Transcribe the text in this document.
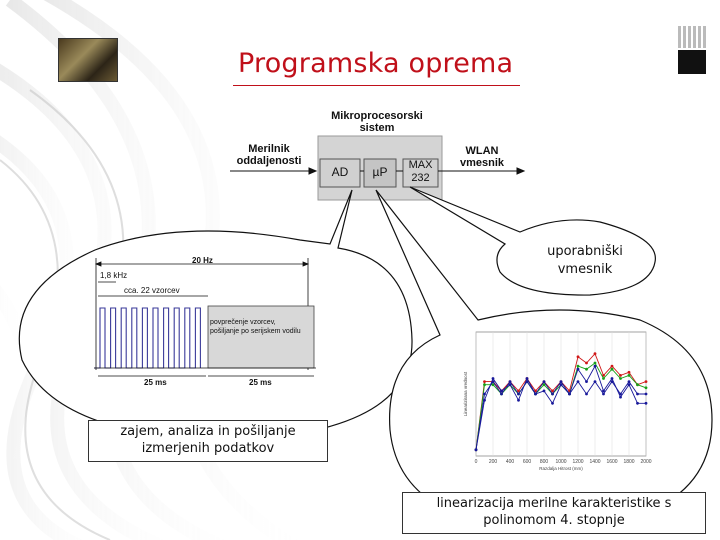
Programska oprema
Mikroprocesorski
sistem
Merilnik
oddaljenosti
WLAN
vmesnik
AD	µP	MAX
232
uporabniški
vmesnik
20 Hz
1,8 kHz
cca. 22 vzorcev
povprečenje vzorcev,
pošiljanje po serijskem vodilu
25 ms	25 ms
zajem, analiza in pošiljanje
izmerjenih podatkov
0 200 400 600 800 1000 1200 1400 1600 1800 2000
Razdalja Hitrost (mm)
Linearizirana vrednost
linearizacija merilne karakteristike s
polinomom 4. stopnje
